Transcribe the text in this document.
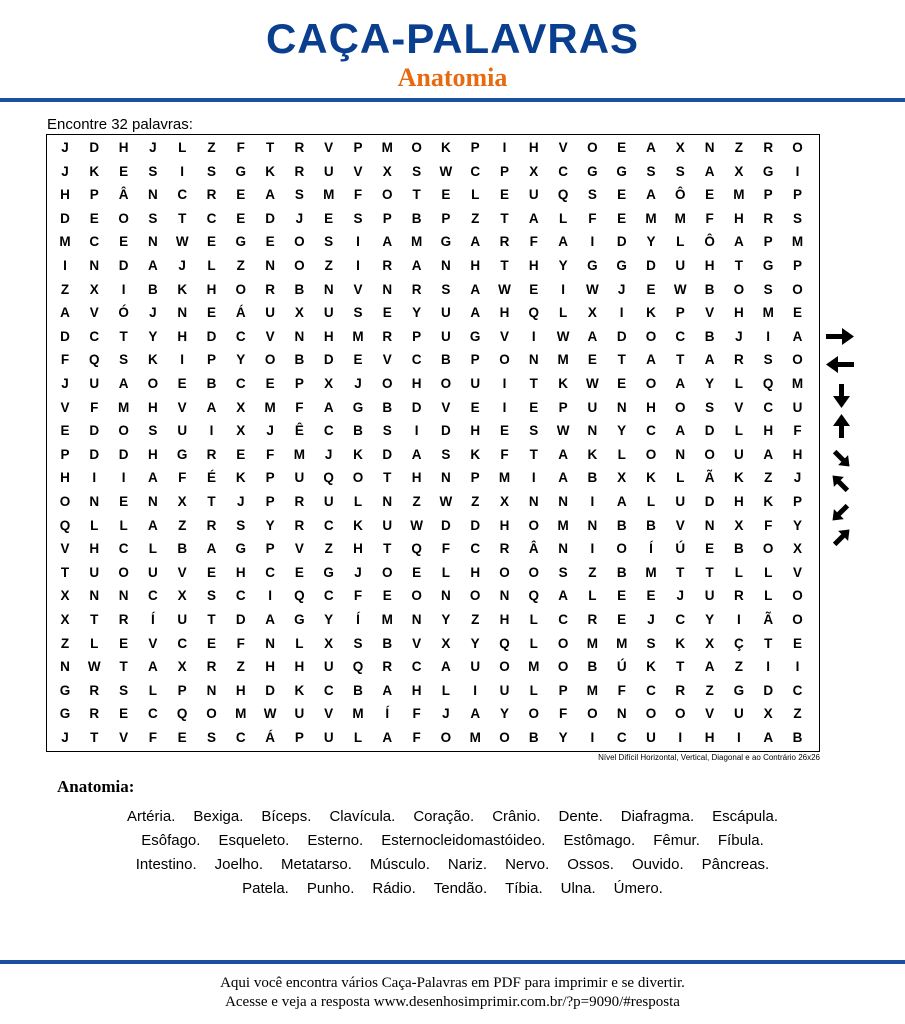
CAÇA-PALAVRAS
Anatomia
Encontre 32 palavras:
J	D	H	J	L	Z	F	T	R	V	P	M	O	K	P	I	H	V	O	E	A	X	N	Z	R	O
J	K	E	S	I	S	G	K	R	U	V	X	S	W	C	P	X	C	G	G	S	S	A	X	G	I
H	P	Â	N	C	R	E	A	S	M	F	O	T	E	L	E	U	Q	S	E	A	Ô	E	M	P	P
D	E	O	S	T	C	E	D	J	E	S	P	B	P	Z	T	A	L	F	E	M	M	F	H	R	S
M	C	E	N	W	E	G	E	O	S	I	A	M	G	A	R	F	A	I	D	Y	L	Ô	A	P	M
I	N	D	A	J	L	Z	N	O	Z	I	R	A	N	H	T	H	Y	G	G	D	U	H	T	G	P
Z	X	I	B	K	H	O	R	B	N	V	N	R	S	A	W	E	I	W	J	E	W	B	O	S	O
A	V	Ó	J	N	E	Á	U	X	U	S	E	Y	U	A	H	Q	L	X	I	K	P	V	H	M	E
D	C	T	Y	H	D	C	V	N	H	M	R	P	U	G	V	I	W	A	D	O	C	B	J	I	A
F	Q	S	K	I	P	Y	O	B	D	E	V	C	B	P	O	N	M	E	T	A	T	A	R	S	O
J	U	A	O	E	B	C	E	P	X	J	O	H	O	U	I	T	K	W	E	O	A	Y	L	Q	M
V	F	M	H	V	A	X	M	F	A	G	B	D	V	E	I	E	P	U	N	H	O	S	V	C	U
E	D	O	S	U	I	X	J	Ê	C	B	S	I	D	H	E	S	W	N	Y	C	A	D	L	H	F
P	D	D	H	G	R	E	F	M	J	K	D	A	S	K	F	T	A	K	L	O	N	O	U	A	H
H	I	I	A	F	É	K	P	U	Q	O	T	H	N	P	M	I	A	B	X	K	L	Ã	K	Z	J
O	N	E	N	X	T	J	P	R	U	L	N	Z	W	Z	X	N	N	I	A	L	U	D	H	K	P
Q	L	L	A	Z	R	S	Y	R	C	K	U	W	D	D	H	O	M	N	B	B	V	N	X	F	Y
V	H	C	L	B	A	G	P	V	Z	H	T	Q	F	C	R	Â	N	I	O	Í	Ú	E	B	O	X
T	U	O	U	V	E	H	C	E	G	J	O	E	L	H	O	O	S	Z	B	M	T	T	L	L	V
X	N	N	C	X	S	C	I	Q	C	F	E	O	N	O	N	Q	A	L	E	E	J	U	R	L	O
X	T	R	Í	U	T	D	A	G	Y	Í	M	N	Y	Z	H	L	C	R	E	J	C	Y	I	Ã	O
Z	L	E	V	C	E	F	N	L	X	S	B	V	X	Y	Q	L	O	M	M	S	K	X	Ç	T	E
N	W	T	A	X	R	Z	H	H	U	Q	R	C	A	U	O	M	O	B	Ú	K	T	A	Z	I	I
G	R	S	L	P	N	H	D	K	C	B	A	H	L	I	U	L	P	M	F	C	R	Z	G	D	C
G	R	E	C	Q	O	M	W	U	V	M	Í	F	J	A	Y	O	F	O	N	O	O	V	U	X	Z
J	T	V	F	E	S	C	Á	P	U	L	A	F	O	M	O	B	Y	I	C	U	I	H	I	A	B
Nível Difícil Horizontal, Vertical, Diagonal e ao Contrário 26x26
Anatomia:
Artéria. Bexiga. Bíceps. Clavícula. Coração. Crânio. Dente. Diafragma. Escápula.
Esôfago. Esqueleto. Esterno. Esternocleidomastóideo. Estômago. Fêmur. Fíbula.
Intestino. Joelho. Metatarso. Músculo. Nariz. Nervo. Ossos. Ouvido. Pâncreas.
Patela. Punho. Rádio. Tendão. Tíbia. Ulna. Úmero.
Aqui você encontra vários Caça-Palavras em PDF para imprimir e se divertir.
Acesse e veja a resposta www.desenhosimprimir.com.br/?p=9090/#resposta
